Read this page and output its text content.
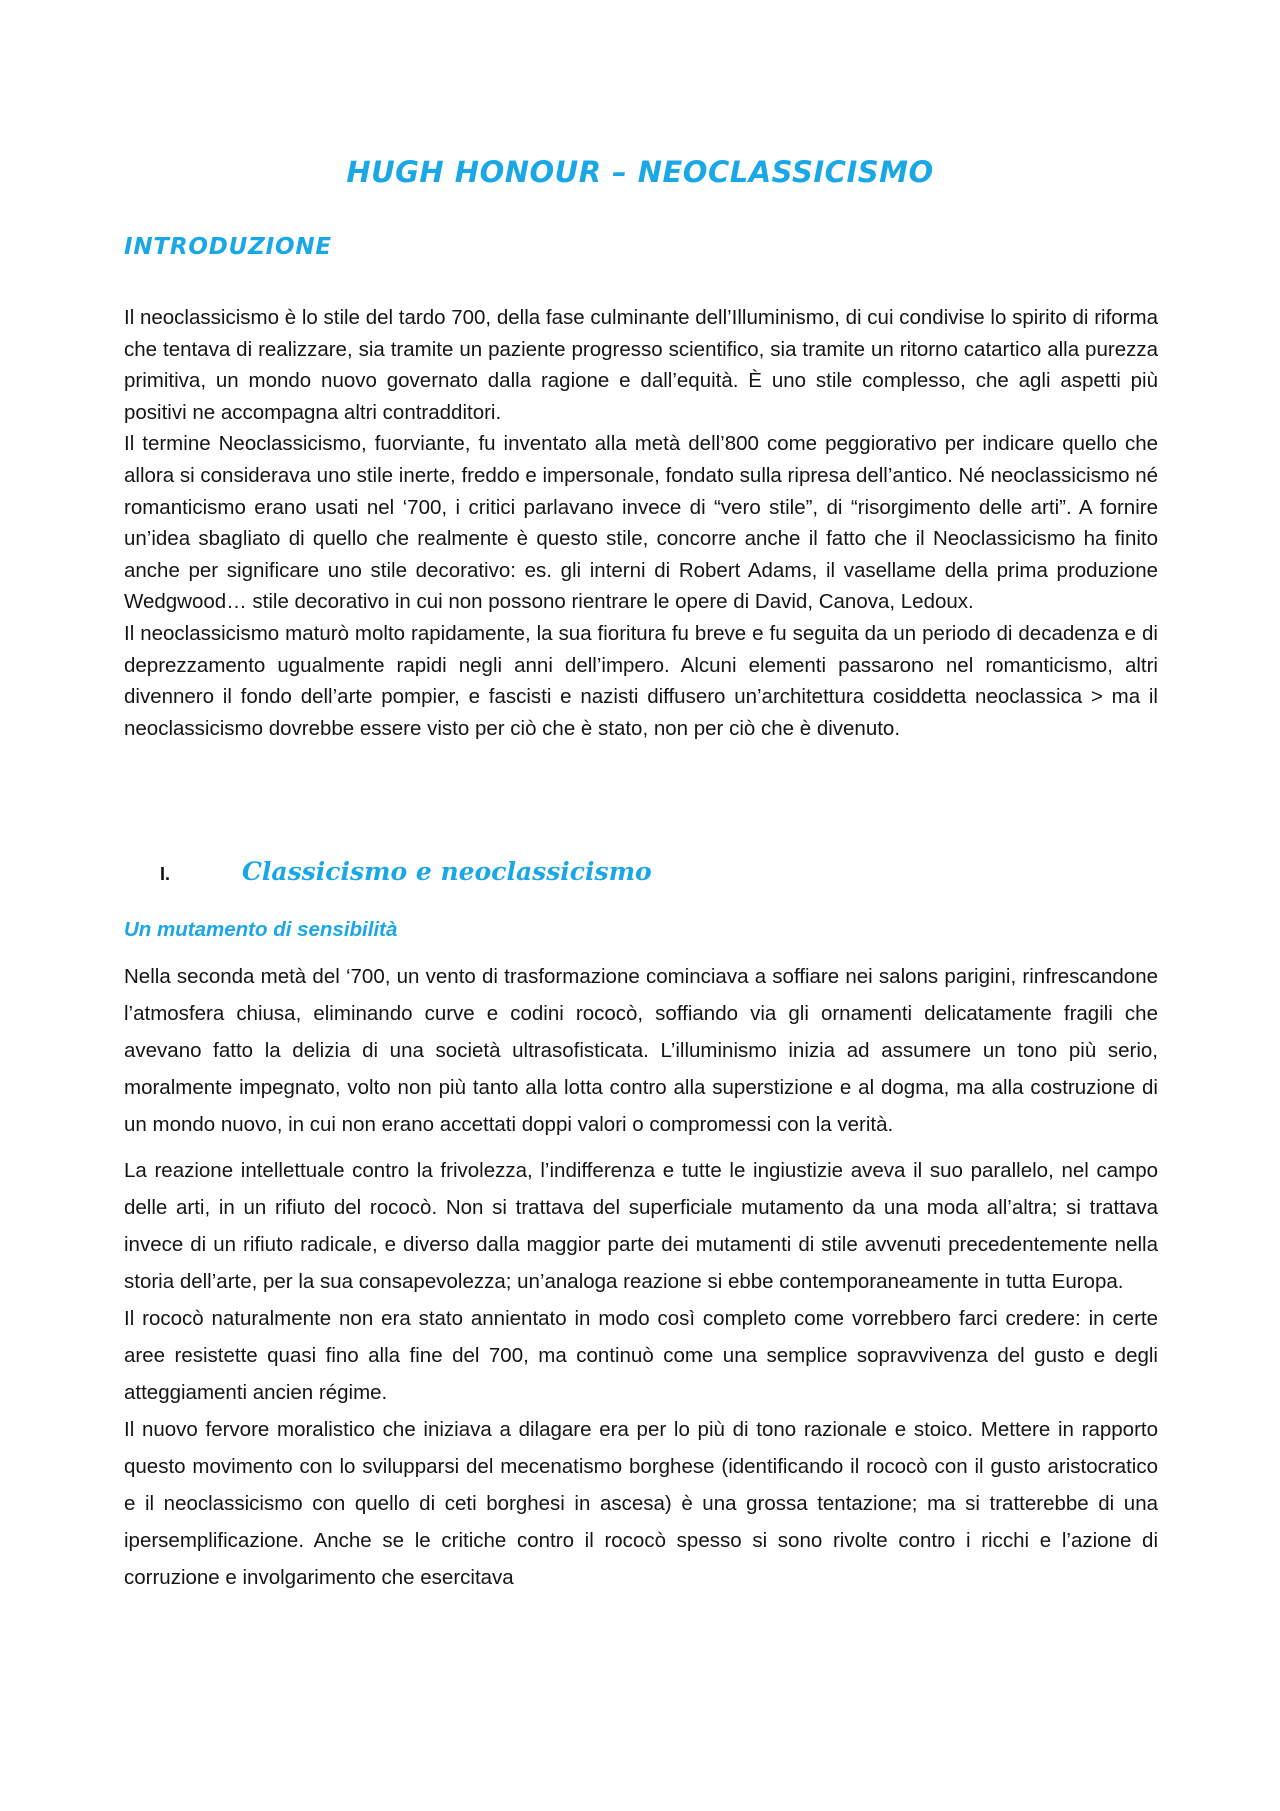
HUGH HONOUR – NEOCLASSICISMO
INTRODUZIONE

Il neoclassicismo è lo stile del tardo 700, della fase culminante dell’Illuminismo, di cui condivise lo spirito di riforma che tentava di realizzare, sia tramite un paziente progresso scientifico, sia tramite un ritorno catartico alla purezza primitiva, un mondo nuovo governato dalla ragione e dall’equità. È uno stile complesso, che agli aspetti più positivi ne accompagna altri contradditori.

Il termine Neoclassicismo, fuorviante, fu inventato alla metà dell’800 come peggiorativo per indicare quello che allora si considerava uno stile inerte, freddo e impersonale, fondato sulla ripresa dell’antico. Né neoclassicismo né romanticismo erano usati nel ‘700, i critici parlavano invece di “vero stile”, di “risorgimento delle arti”. A fornire un’idea sbagliato di quello che realmente è questo stile, concorre anche il fatto che il Neoclassicismo ha finito anche per significare uno stile decorativo: es. gli interni di Robert Adams, il vasellame della prima produzione Wedgwood… stile decorativo in cui non possono rientrare le opere di David, Canova, Ledoux.

Il neoclassicismo maturò molto rapidamente, la sua fioritura fu breve e fu seguita da un periodo di decadenza e di deprezzamento ugualmente rapidi negli anni dell’impero. Alcuni elementi passarono nel romanticismo, altri divennero il fondo dell’arte pompier, e fascisti e nazisti diffusero un’architettura cosiddetta neoclassica > ma il neoclassicismo dovrebbe essere visto per ciò che è stato, non per ciò che è divenuto.

I.	Classicismo e neoclassicismo
Un mutamento di sensibilità

Nella seconda metà del ‘700, un vento di trasformazione cominciava a soffiare nei salons parigini, rinfrescandone l’atmosfera chiusa, eliminando curve e codini rococò, soffiando via gli ornamenti delicatamente fragili che avevano fatto la delizia di una società ultrasofisticata. L’illuminismo inizia ad assumere un tono più serio, moralmente impegnato, volto non più tanto alla lotta contro alla superstizione e al dogma, ma alla costruzione di un mondo nuovo, in cui non erano accettati doppi valori o compromessi con la verità.

La reazione intellettuale contro la frivolezza, l’indifferenza e tutte le ingiustizie aveva il suo parallelo, nel campo delle arti, in un rifiuto del rococò. Non si trattava del superficiale mutamento da una moda all’altra; si trattava invece di un rifiuto radicale, e diverso dalla maggior parte dei mutamenti di stile avvenuti precedentemente nella storia dell’arte, per la sua consapevolezza; un’analoga reazione si ebbe contemporaneamente in tutta Europa.

Il rococò naturalmente non era stato annientato in modo così completo come vorrebbero farci credere: in certe aree resistette quasi fino alla fine del 700, ma continuò come una semplice sopravvivenza del gusto e degli atteggiamenti ancien régime.

Il nuovo fervore moralistico che iniziava a dilagare era per lo più di tono razionale e stoico. Mettere in rapporto questo movimento con lo svilupparsi del mecenatismo borghese (identificando il rococò con il gusto aristocratico e il neoclassicismo con quello di ceti borghesi in ascesa) è una grossa tentazione; ma si tratterebbe di una ipersemplificazione. Anche se le critiche contro il rococò spesso si sono rivolte contro i ricchi e l’azione di corruzione e involgarimento che esercitava
